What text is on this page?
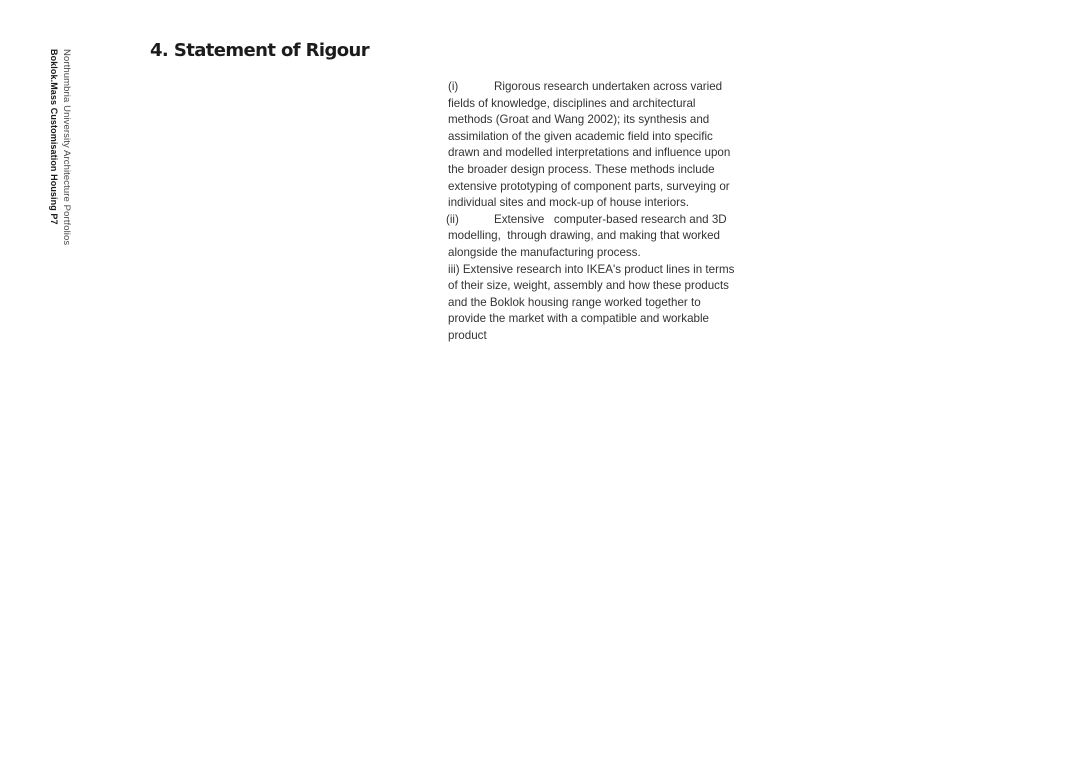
Northumbria University Architecture Portfolios
Boklok.Mass Customisation Housing P7	4. Statement of Rigour

(i)	Rigorous research undertaken across varied fields of knowledge, disciplines and architectural methods (Groat and Wang 2002); its synthesis and assimilation of the given academic field into specific drawn and modelled interpretations and influence upon the broader design process. These methods include extensive prototyping of component parts, surveying or individual sites and mock-up of house interiors.

(ii)	Extensive   computer-based research and 3D modelling,  through drawing, and making that worked alongside the manufacturing process.

iii) Extensive research into IKEA's product lines in terms of their size, weight, assembly and how these products and the Boklok housing range worked together to provide the market with a compatible and workable product
